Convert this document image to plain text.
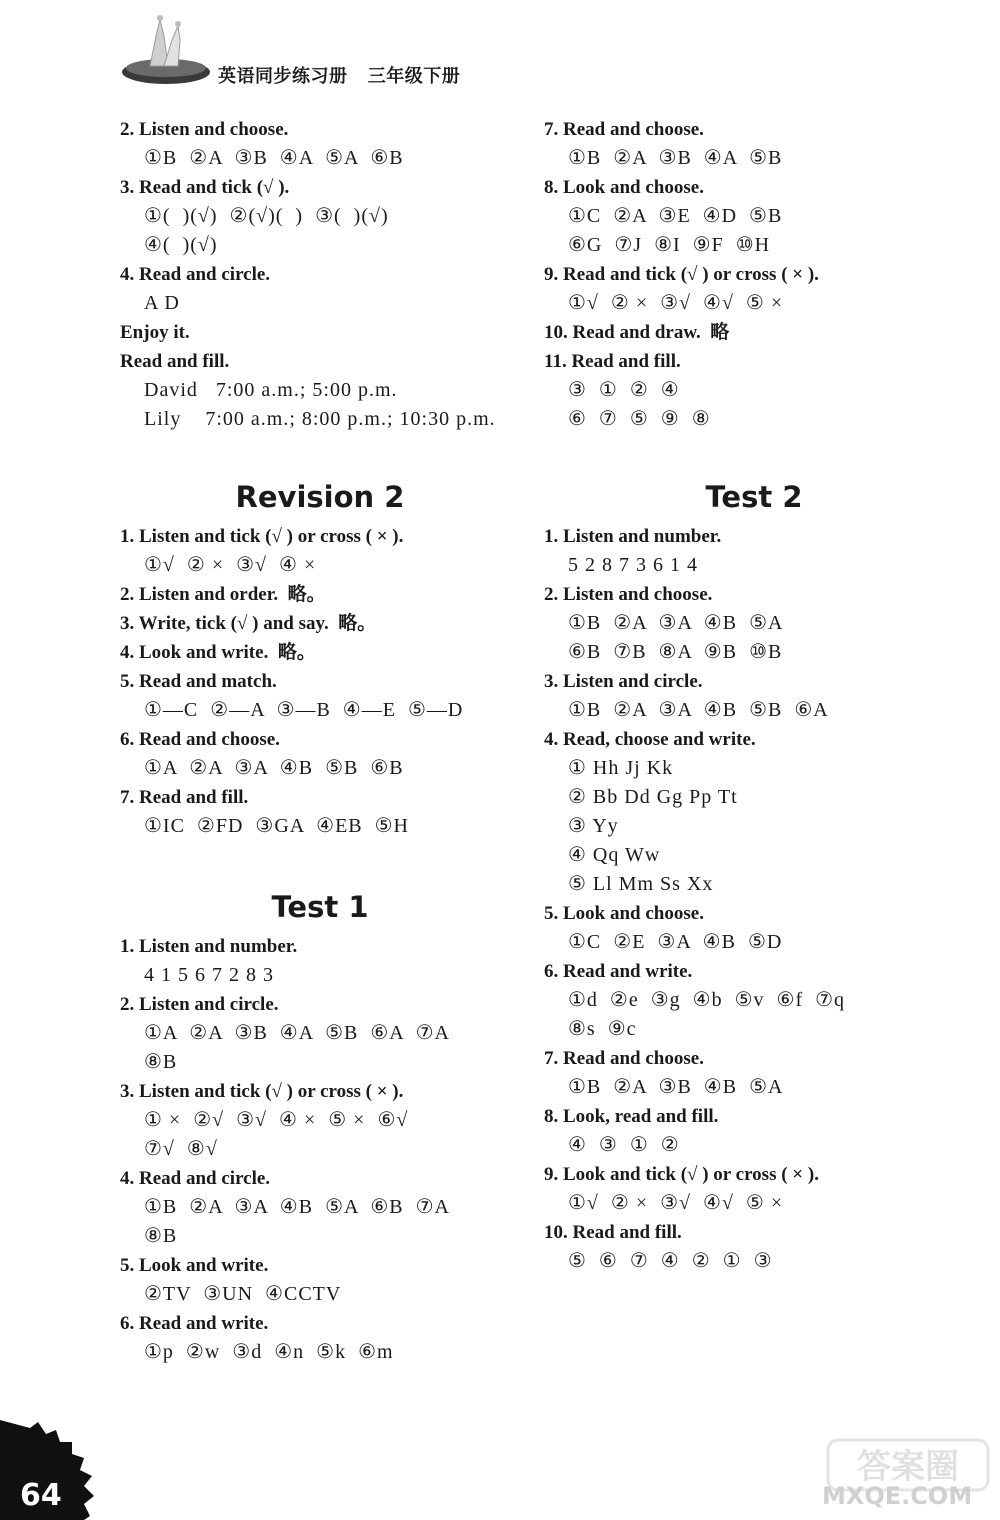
英语同步练习册   三年级下册
2. Listen and choose.
①B  ②A  ③B  ④A  ⑤A  ⑥B
3. Read and tick (√ ).
①(  )(√)  ②(√)(  )  ③(  )(√)
④(  )(√)
4. Read and circle.
A D
Enjoy it.
Read and fill.
David   7:00 a.m.; 5:00 p.m.
Lily    7:00 a.m.; 8:00 p.m.; 10:30 p.m.
7. Read and choose.
①B  ②A  ③B  ④A  ⑤B
8. Look and choose.
①C  ②A  ③E  ④D  ⑤B
⑥G  ⑦J  ⑧I  ⑨F  ⑩H
9. Read and tick (√ ) or cross ( × ).
①√  ② ×  ③√  ④√  ⑤ ×
10. Read and draw.  略
11. Read and fill.
③  ①  ②  ④
⑥  ⑦  ⑤  ⑨  ⑧
Revision 2
1. Listen and tick (√ ) or cross ( × ).
①√  ② ×  ③√  ④ ×
2. Listen and order.  略。
3. Write, tick (√ ) and say.  略。
4. Look and write.  略。
5. Read and match.
①—C  ②—A  ③—B  ④—E  ⑤—D
6. Read and choose.
①A  ②A  ③A  ④B  ⑤B  ⑥B
7. Read and fill.
①IC  ②FD  ③GA  ④EB  ⑤H
Test 1
1. Listen and number.
4 1 5 6 7 2 8 3
2. Listen and circle.
①A  ②A  ③B  ④A  ⑤B  ⑥A  ⑦A
⑧B
3. Listen and tick (√ ) or cross ( × ).
① ×  ②√  ③√  ④ ×  ⑤ ×  ⑥√
⑦√  ⑧√
4. Read and circle.
①B  ②A  ③A  ④B  ⑤A  ⑥B  ⑦A
⑧B
5. Look and write.
②TV  ③UN  ④CCTV
6. Read and write.
①p  ②w  ③d  ④n  ⑤k  ⑥m
Test 2
1. Listen and number.
5 2 8 7 3 6 1 4
2. Listen and choose.
①B  ②A  ③A  ④B  ⑤A
⑥B  ⑦B  ⑧A  ⑨B  ⑩B
3. Listen and circle.
①B  ②A  ③A  ④B  ⑤B  ⑥A
4. Read, choose and write.
① Hh Jj Kk
② Bb Dd Gg Pp Tt
③ Yy
④ Qq Ww
⑤ Ll Mm Ss Xx
5. Look and choose.
①C  ②E  ③A  ④B  ⑤D
6. Read and write.
①d  ②e  ③g  ④b  ⑤v  ⑥f  ⑦q
⑧s  ⑨c
7. Read and choose.
①B  ②A  ③B  ④B  ⑤A
8. Look, read and fill.
④  ③  ①  ②
9. Look and tick (√ ) or cross ( × ).
①√  ② ×  ③√  ④√  ⑤ ×
10. Read and fill.
⑤  ⑥  ⑦  ④  ②  ①  ③
64
答案圈
MXQE.COM
